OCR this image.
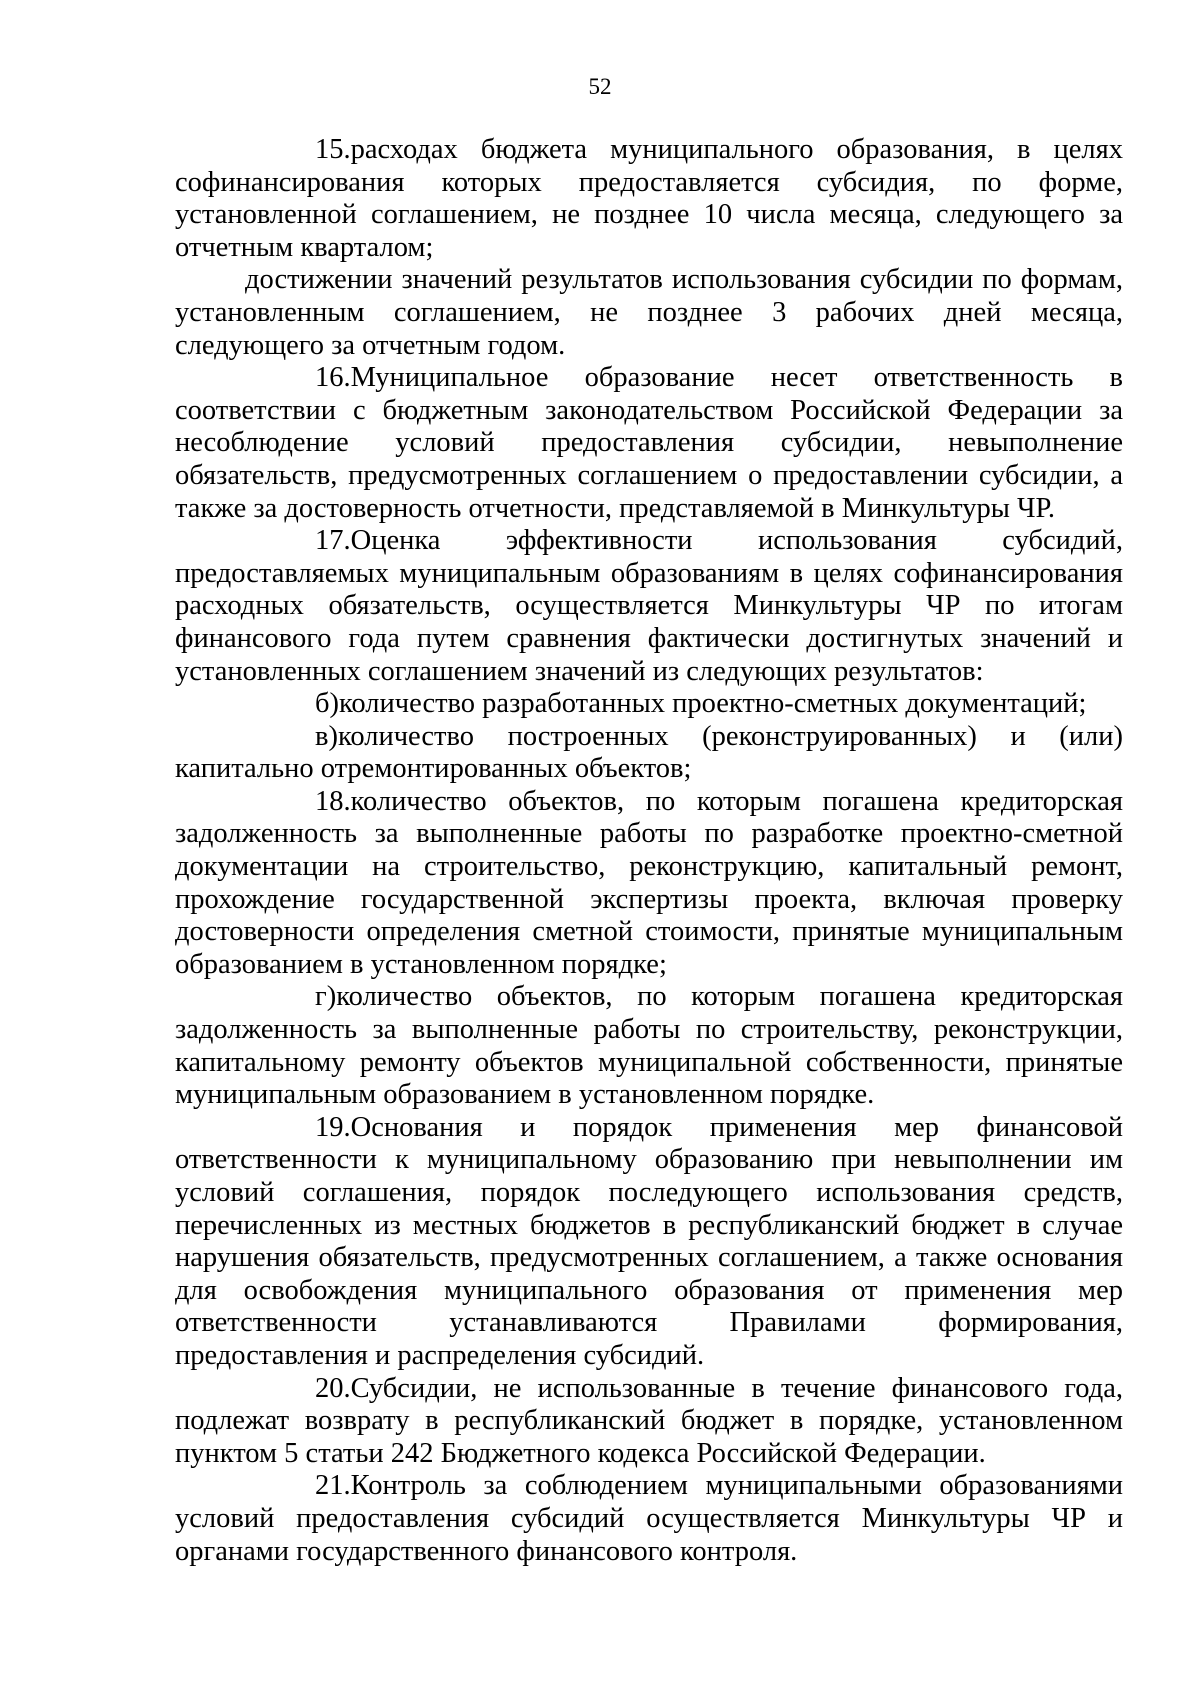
52

15.расходах бюджета муниципального образования, в целях софинансирования которых предоставляется субсидия, по форме, установленной соглашением, не позднее 10 числа месяца, следующего за отчетным кварталом;

достижении значений результатов использования субсидии по формам, установленным соглашением, не позднее 3 рабочих дней месяца, следующего за отчетным годом.

16.Муниципальное образование несет ответственность в соответствии с бюджетным законодательством Российской Федерации за несоблюдение условий предоставления субсидии, невыполнение обязательств, предусмотренных соглашением о предоставлении субсидии, а также за достоверность отчетности, представляемой в Минкультуры ЧР.

17.Оценка эффективности использования субсидий, предоставляемых муниципальным образованиям в целях софинансирования расходных обязательств, осуществляется Минкультуры ЧР по итогам финансового года путем сравнения фактически достигнутых значений и установленных соглашением значений из следующих результатов:

б)количество разработанных проектно-сметных документаций;

в)количество построенных (реконструированных) и (или) капитально отремонтированных объектов;

18.количество объектов, по которым погашена кредиторская задолженность за выполненные работы по разработке проектно-сметной документации на строительство, реконструкцию, капитальный ремонт, прохождение государственной экспертизы проекта, включая проверку достоверности определения сметной стоимости, принятые муниципальным образованием в установленном порядке;

г)количество объектов, по которым погашена кредиторская задолженность за выполненные работы по строительству, реконструкции, капитальному ремонту объектов муниципальной собственности, принятые муниципальным образованием в установленном порядке.

19.Основания и порядок применения мер финансовой ответственности к муниципальному образованию при невыполнении им условий соглашения, порядок последующего использования средств, перечисленных из местных бюджетов в республиканский бюджет в случае нарушения обязательств, предусмотренных соглашением, а также основания для освобождения муниципального образования от применения мер ответственности устанавливаются Правилами формирования, предоставления и распределения субсидий.

20.Субсидии, не использованные в течение финансового года, подлежат возврату в республиканский бюджет в порядке, установленном пунктом 5 статьи 242 Бюджетного кодекса Российской Федерации.

21.Контроль за соблюдением муниципальными образованиями условий предоставления субсидий осуществляется Минкультуры ЧР и органами государственного финансового контроля.
